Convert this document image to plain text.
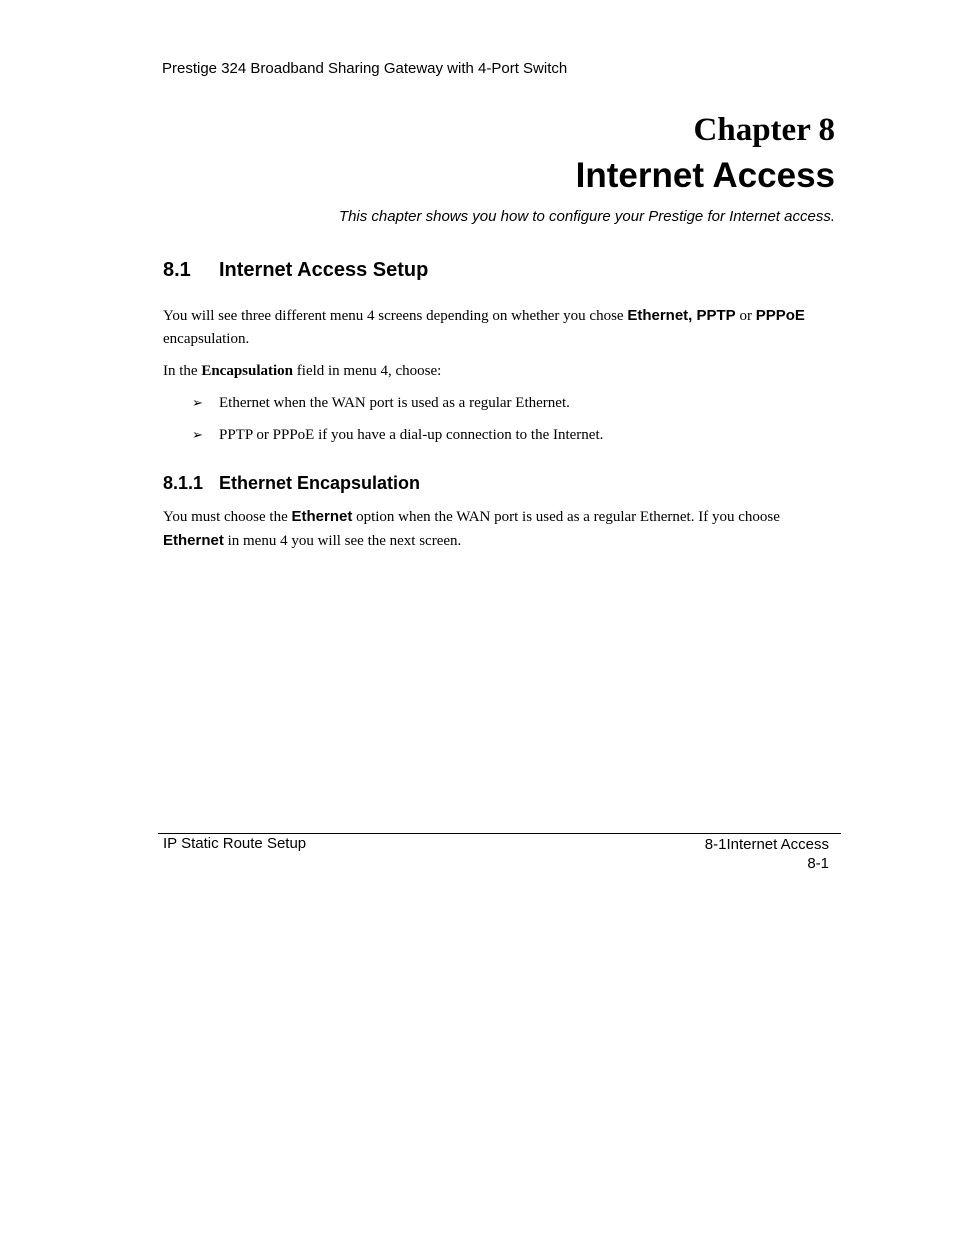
Prestige 324 Broadband Sharing Gateway with 4-Port Switch
Chapter 8
Internet Access
This chapter shows you how to configure your Prestige for Internet access.
8.1 Internet Access Setup
You will see three different menu 4 screens depending on whether you chose Ethernet, PPTP or PPPoE encapsulation.
In the Encapsulation field in menu 4, choose:
➢ Ethernet when the WAN port is used as a regular Ethernet.
➢ PPTP or PPPoE if you have a dial-up connection to the Internet.
8.1.1 Ethernet Encapsulation
You must choose the Ethernet option when the WAN port is used as a regular Ethernet. If you choose Ethernet in menu 4 you will see the next screen.
IP Static Route Setup	8-1Internet Access
8-1
